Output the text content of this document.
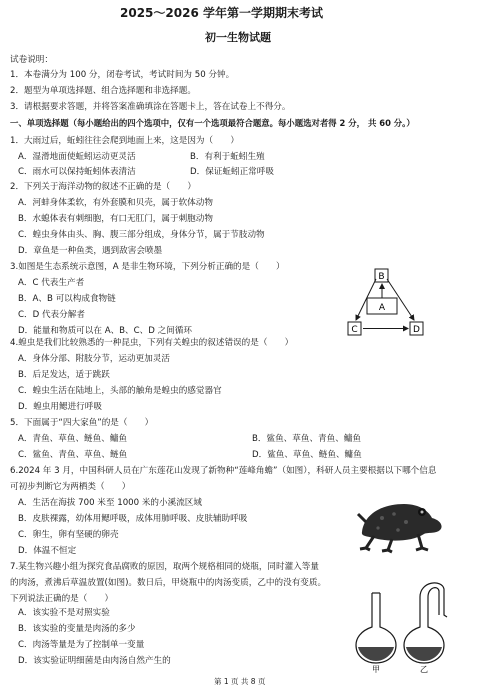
2025～2026 学年第一学期期末考试
初一生物试题
试卷说明：
1．本卷满分为 100 分，闭卷考试，考试时间为 50 分钟。
2．题型为单项选择题、组合选择题和非选择题。
3．请根据要求答题，并将答案准确填涂在答题卡上，答在试卷上不得分。
一、单项选择题（每小题给出的四个选项中，仅有一个选项最符合题意。每小题选对者得 2 分， 共 60 分。）
1．大雨过后，蚯蚓往往会爬到地面上来，这是因为（　　）
A．湿滑地面使蚯蚓运动更灵活	B．有利于蚯蚓生殖
C．雨水可以保持蚯蚓体表清洁	D．保证蚯蚓正常呼吸
2．下列关于海洋动物的叙述不正确的是（　　）
A．河蚌身体柔软，有外套膜和贝壳，属于软体动物
B．水螅体表有刺细胞，有口无肛门，属于刺胞动物
C．蝗虫身体由头、胸、腹三部分组成，身体分节，属于节肢动物
D．章鱼是一种鱼类，遇到敌害会喷墨
3.如图是生态系统示意图，A 是非生物环境，下列分析正确的是（　　）
A．C 代表生产者
B．A、B 可以构成食物链
C．D 代表分解者
D．能量和物质可以在 A、B、C、D 之间循环
B
A
C	D
4.蝗虫是我们比较熟悉的一种昆虫，下列有关蝗虫的叙述错误的是（　　）
A．身体分部、附肢分节，运动更加灵活
B．后足发达，适于跳跃
C．蝗虫生活在陆地上，头部的触角是蝗虫的感觉器官
D．蝗虫用鳃进行呼吸
5．下面属于“四大家鱼”的是（　　）
A．青鱼、草鱼、鲢鱼、鳙鱼	B．鲨鱼、草鱼、青鱼、鳙鱼
C．鲨鱼、青鱼、草鱼、鲢鱼	D．鲨鱼、草鱼、鲢鱼、鳙鱼
6.2024 年 3 月，中国科研人员在广东莲花山发现了新物种“莲峰角蟾”（如图），科研人员主要根据以下哪个信息
可初步判断它为两栖类（　　）
A．生活在海拔 700 米至 1000 米的小溪流区域
B．皮肤裸露，幼体用鳃呼吸，成体用肺呼吸、皮肤辅助呼吸
C．卵生，卵有坚硬的卵壳
D．体温不恒定
7.某生物兴趣小组为探究食品腐败的原因，取两个规格相同的烧瓶，同时灌入等量
的肉汤，煮沸后草温放置(如图)。数日后，甲烧瓶中的肉汤变质，乙中的没有变质。
下列说法正确的是（　　）
A．该实验不是对照实验
B．该实验的变量是肉汤的多少
C．肉汤等量是为了控制单一变量
D．该实验证明细菌是由肉汤自然产生的
甲	乙
第 1 页 共 8 页
